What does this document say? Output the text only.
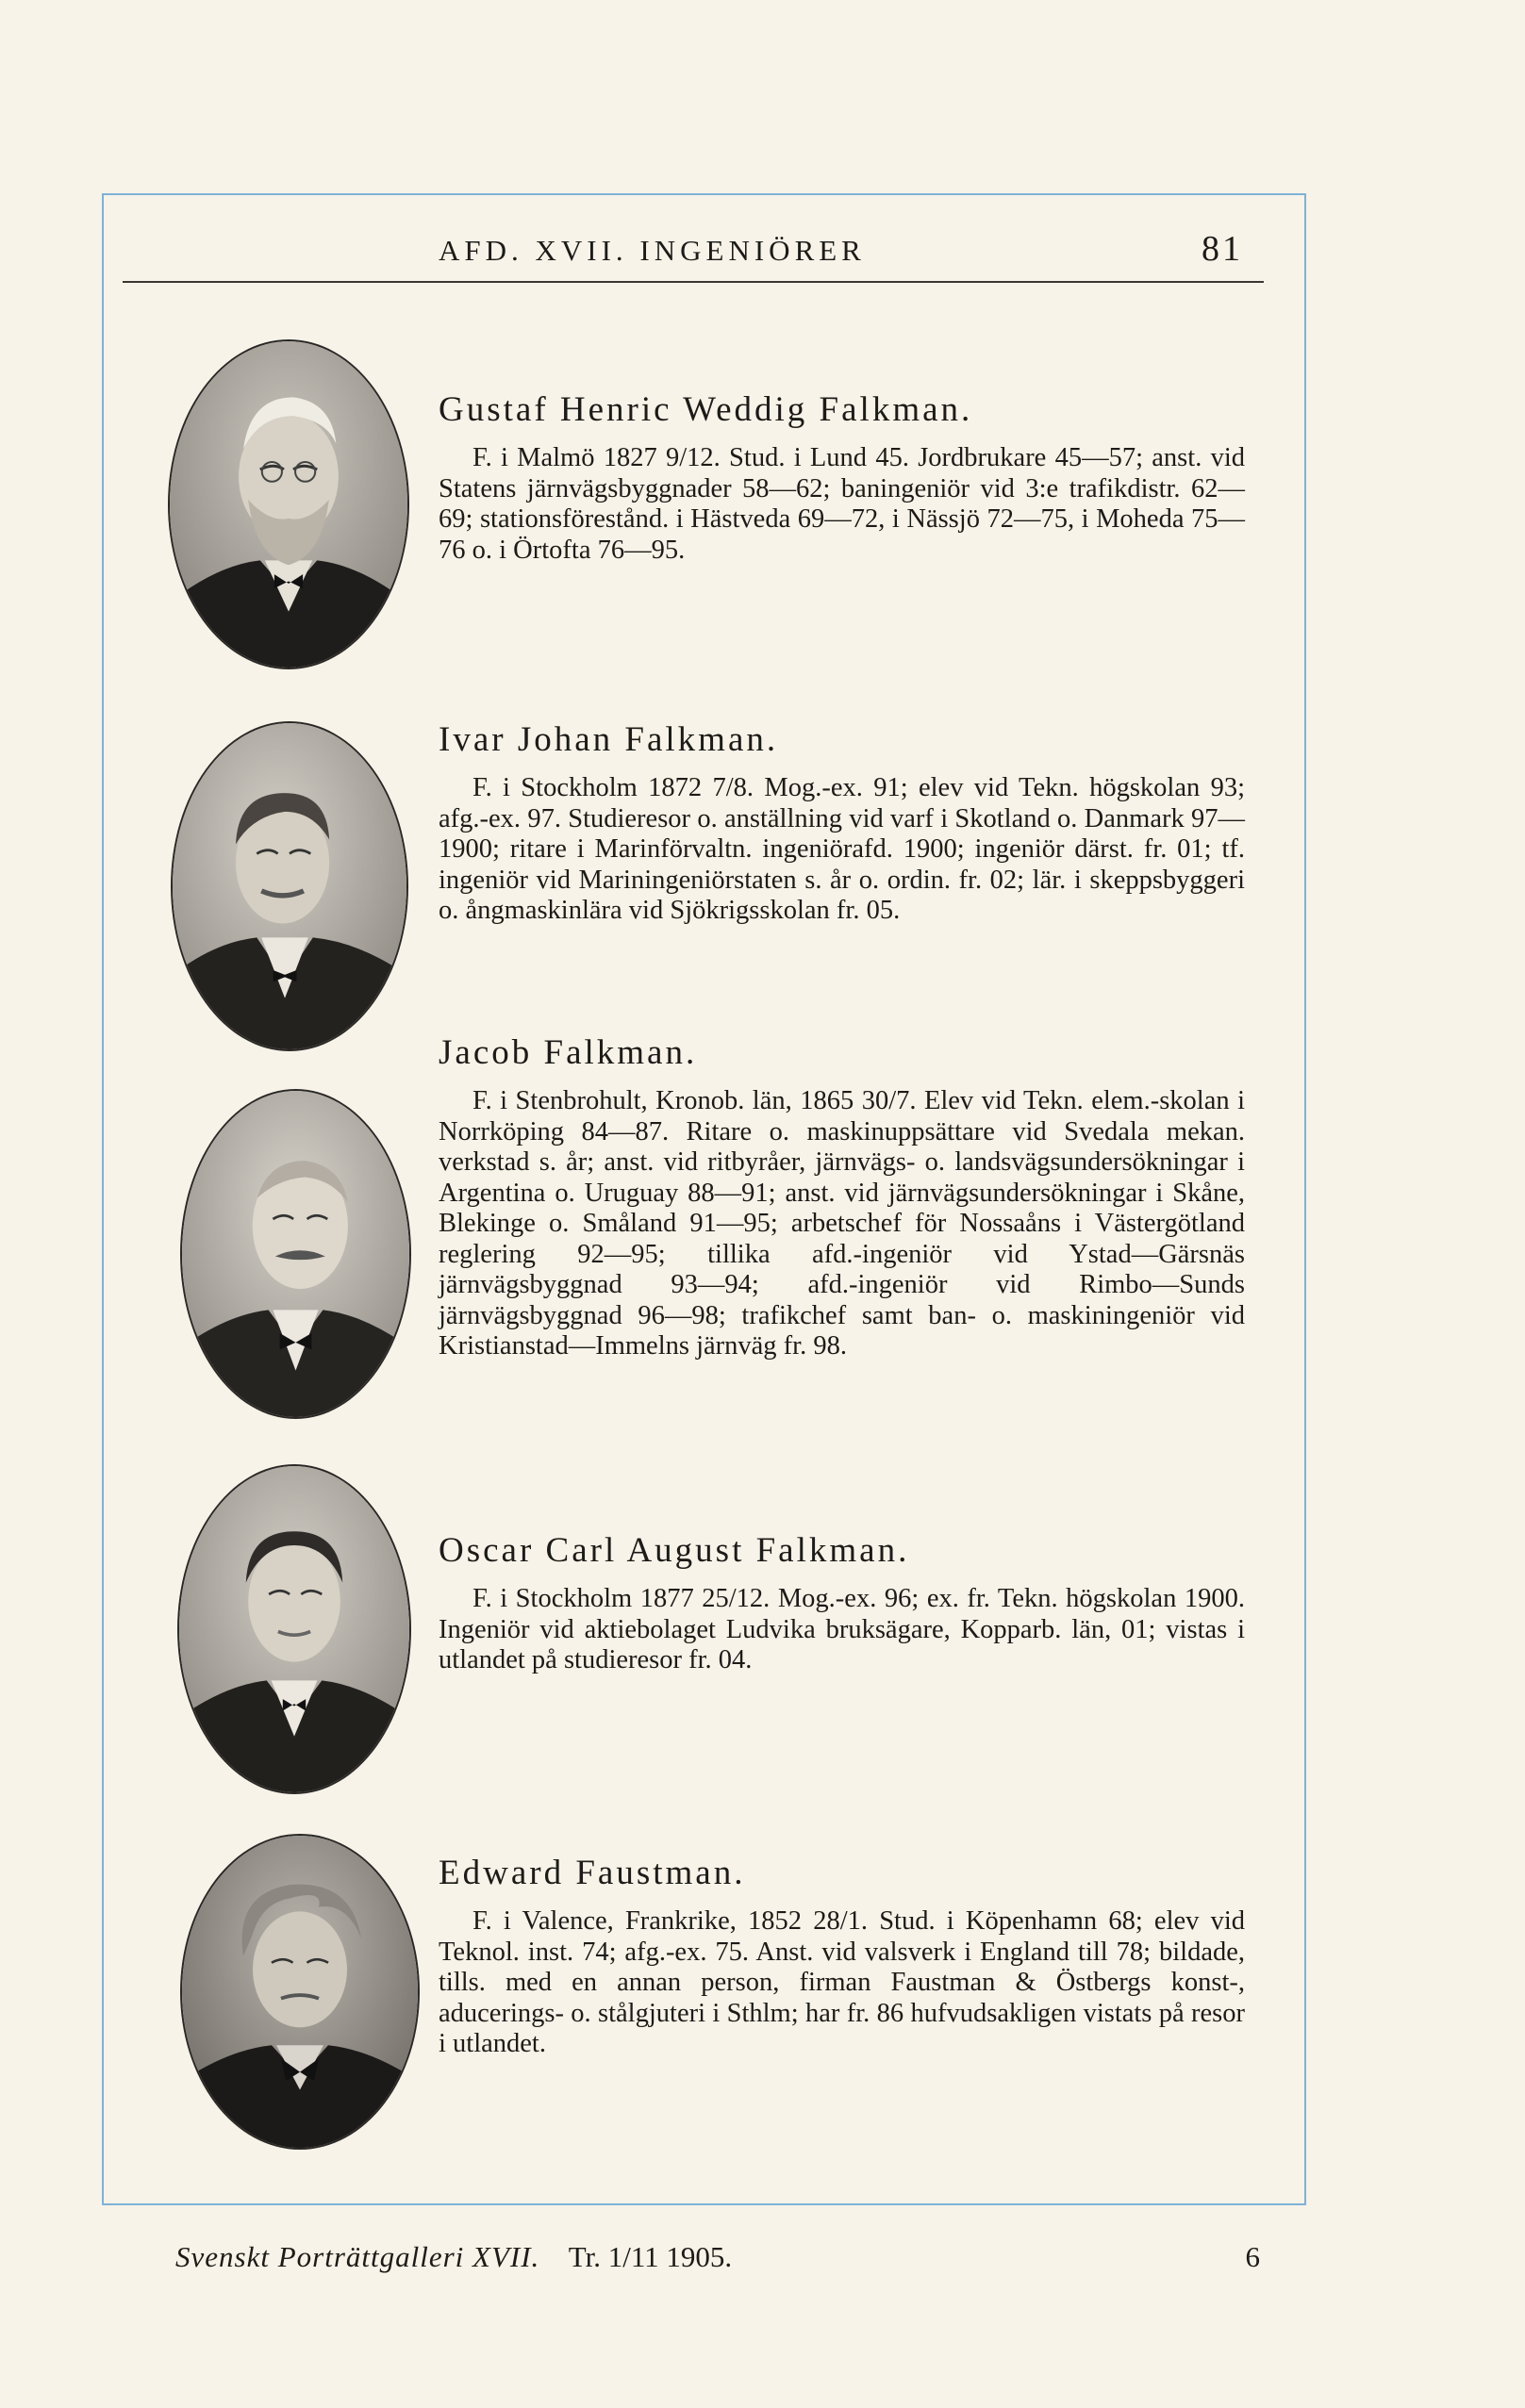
AFD. XVII. INGENIÖRER	81
Gustaf Henric Weddig Falkman.

F. i Malmö 1827 9/12. Stud. i Lund 45. Jordbrukare 45—57; anst. vid Statens järnvägsbyggnader 58—62; baningeniör vid 3:e trafikdistr. 62—69; stationsförestånd. i Hästveda 69—72, i Nässjö 72—75, i Moheda 75—76 o. i Örtofta 76—95.

Ivar Johan Falkman.

F. i Stockholm 1872 7/8. Mog.-ex. 91; elev vid Tekn. högskolan 93; afg.-ex. 97. Studieresor o. anställning vid varf i Skotland o. Danmark 97—1900; ritare i Marinförvaltn. ingeniörafd. 1900; ingeniör därst. fr. 01; tf. ingeniör vid Mariningeniörstaten s. år o. ordin. fr. 02; lär. i skeppsbyggeri o. ångmaskinlära vid Sjökrigsskolan fr. 05.

Jacob Falkman.

F. i Stenbrohult, Kronob. län, 1865 30/7. Elev vid Tekn. elem.-skolan i Norrköping 84—87. Ritare o. maskinuppsättare vid Svedala mekan. verkstad s. år; anst. vid ritbyråer, järnvägs- o. landsvägsundersökningar i Argentina o. Uruguay 88—91; anst. vid järnvägsundersökningar i Skåne, Blekinge o. Småland 91—95; arbetschef för Nossaåns i Västergötland reglering 92—95; tillika afd.-ingeniör vid Ystad—Gärsnäs järnvägsbyggnad 93—94; afd.-ingeniör vid Rimbo—Sunds järnvägsbyggnad 96—98; trafikchef samt ban- o. maskiningeniör vid Kristianstad—Immelns järnväg fr. 98.

Oscar Carl August Falkman.

F. i Stockholm 1877 25/12. Mog.-ex. 96; ex. fr. Tekn. högskolan 1900. Ingeniör vid aktiebolaget Ludvika bruksägare, Kopparb. län, 01; vistas i utlandet på studieresor fr. 04.

Edward Faustman.

F. i Valence, Frankrike, 1852 28/1. Stud. i Köpenhamn 68; elev vid Teknol. inst. 74; afg.-ex. 75. Anst. vid valsverk i England till 78; bildade, tills. med en annan person, firman Faustman & Östbergs konst-, aducerings- o. stålgjuteri i Sthlm; har fr. 86 hufvudsakligen vistats på resor i utlandet.

Svenskt Porträttgalleri XVII. Tr. 1/11 1905.	6
